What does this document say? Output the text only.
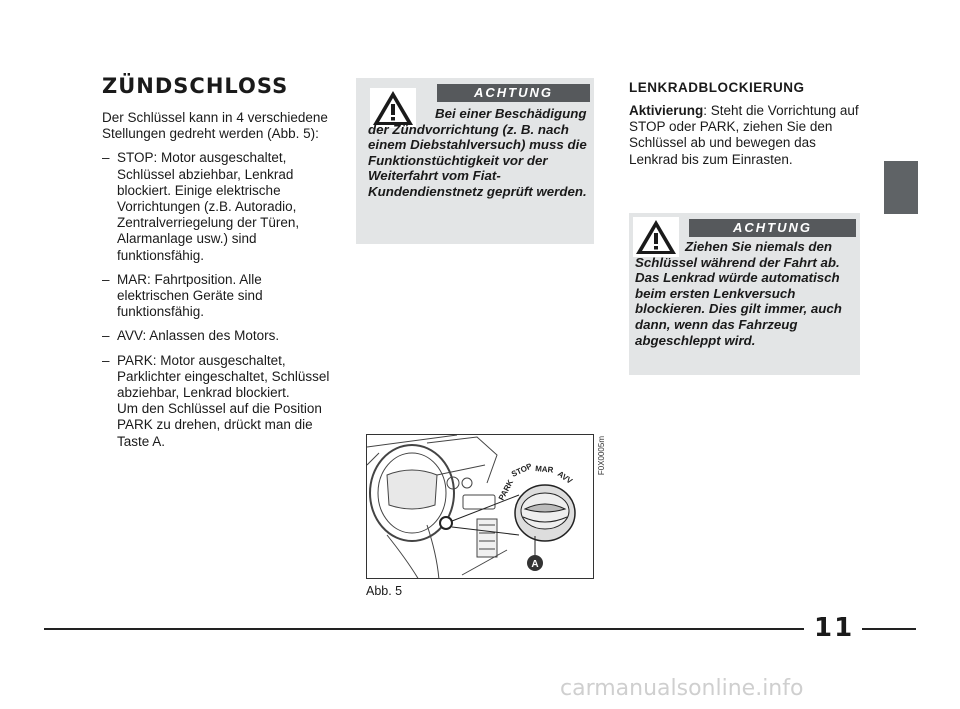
ZÜNDSCHLOSS

Der Schlüssel kann in 4 verschiedene Stellungen gedreht werden (Abb. 5):

– STOP: Motor ausgeschaltet, Schlüssel abziehbar, Lenkrad blockiert. Einige elektrische Vorrichtungen (z.B. Autoradio, Zentralverriegelung der Türen, Alarmanlage usw.) sind funktionsfähig.
– MAR: Fahrtposition. Alle elektrischen Geräte sind funktionsfähig.
– AVV: Anlassen des Motors.
– PARK: Motor ausgeschaltet, Parklichter eingeschaltet, Schlüssel abziehbar, Lenkrad blockiert.
Um den Schlüssel auf die Position PARK zu drehen, drückt man die Taste A.
ACHTUNG
Bei einer Beschädigung der Zündvorrichtung (z. B. nach einem Diebstahlversuch) muss die Funktionstüchtigkeit vor der Weiterfahrt vom Fiat-Kundendienstnetz geprüft werden.
LENKRADBLOCKIERUNG

Aktivierung: Steht die Vorrichtung auf STOP oder PARK, ziehen Sie den Schlüssel ab und bewegen das Lenkrad bis zum Einrasten.

ACHTUNG
Ziehen Sie niemals den Schlüssel während der Fahrt ab. Das Lenkrad würde automatisch beim ersten Lenkversuch blockieren. Dies gilt immer, auch dann, wenn das Fahrzeug abgeschleppt wird.
PARK
STOP MAR AVV
A
F0X0005m
Abb. 5
11
carmanualsonline.info
